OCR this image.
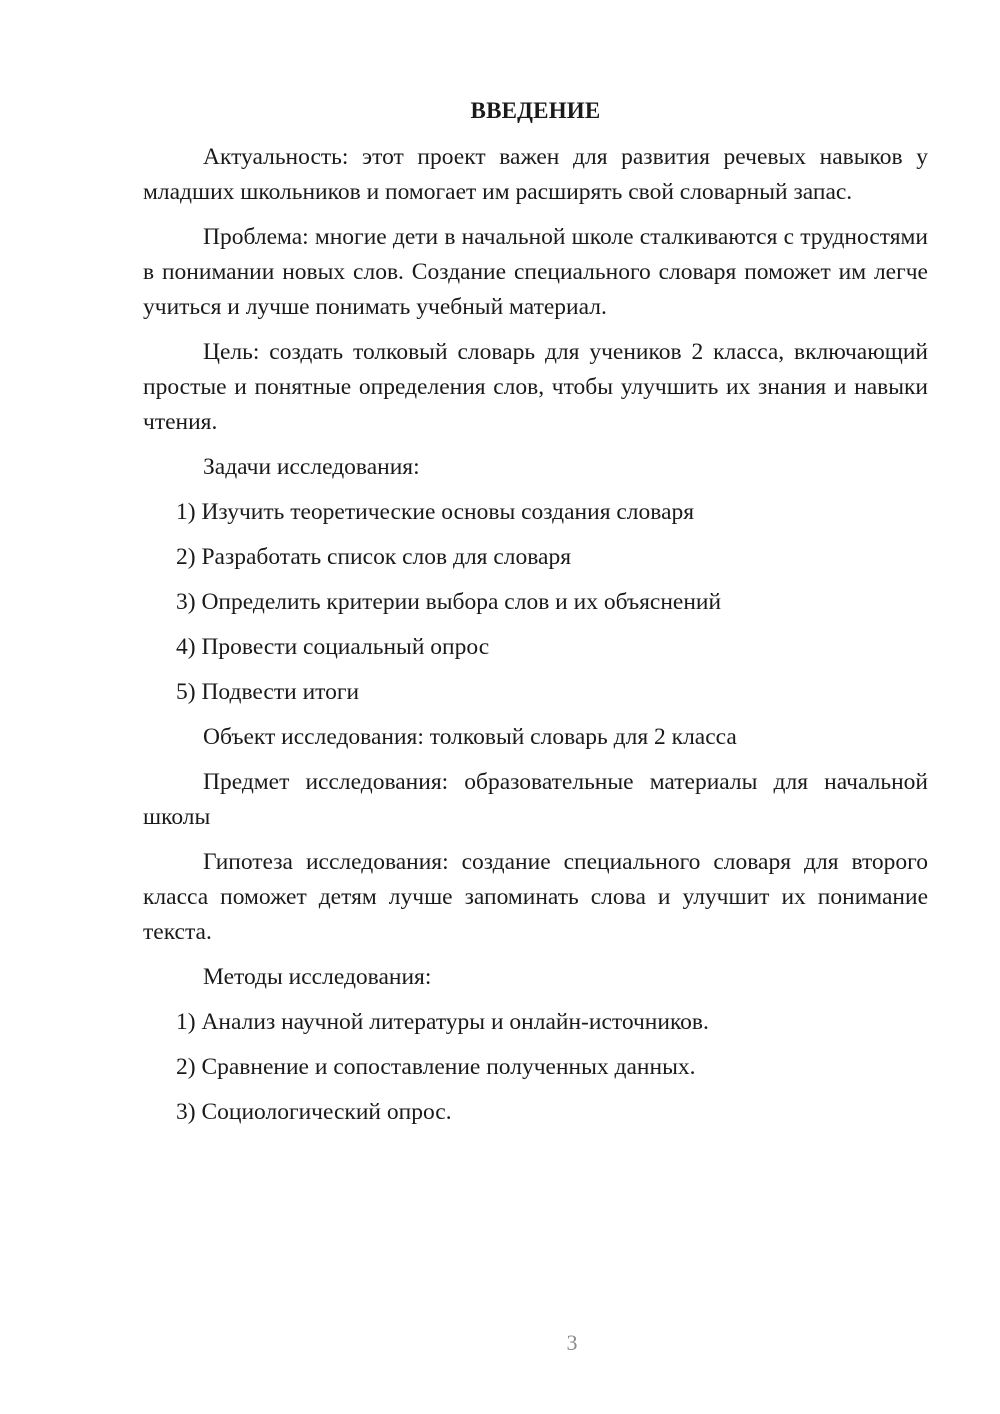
ВВЕДЕНИЕ

Актуальность: этот проект важен для развития речевых навыков у младших школьников и помогает им расширять свой словарный запас.

Проблема: многие дети в начальной школе сталкиваются с трудностями в понимании новых слов. Создание специального словаря поможет им легче учиться и лучше понимать учебный материал.

Цель: создать толковый словарь для учеников 2 класса, включающий простые и понятные определения слов, чтобы улучшить их знания и навыки чтения.

Задачи исследования:

1) Изучить теоретические основы создания словаря
2) Разработать список слов для словаря
3) Определить критерии выбора слов и их объяснений
4) Провести социальный опрос
5) Подвести итоги

Объект исследования: толковый словарь для 2 класса

Предмет исследования: образовательные материалы для начальной школы

Гипотеза исследования: создание специального словаря для второго класса поможет детям лучше запоминать слова и улучшит их понимание текста.

Методы исследования:

1) Анализ научной литературы и онлайн-источников.
2) Сравнение и сопоставление полученных данных.
3) Социологический опрос.
3
